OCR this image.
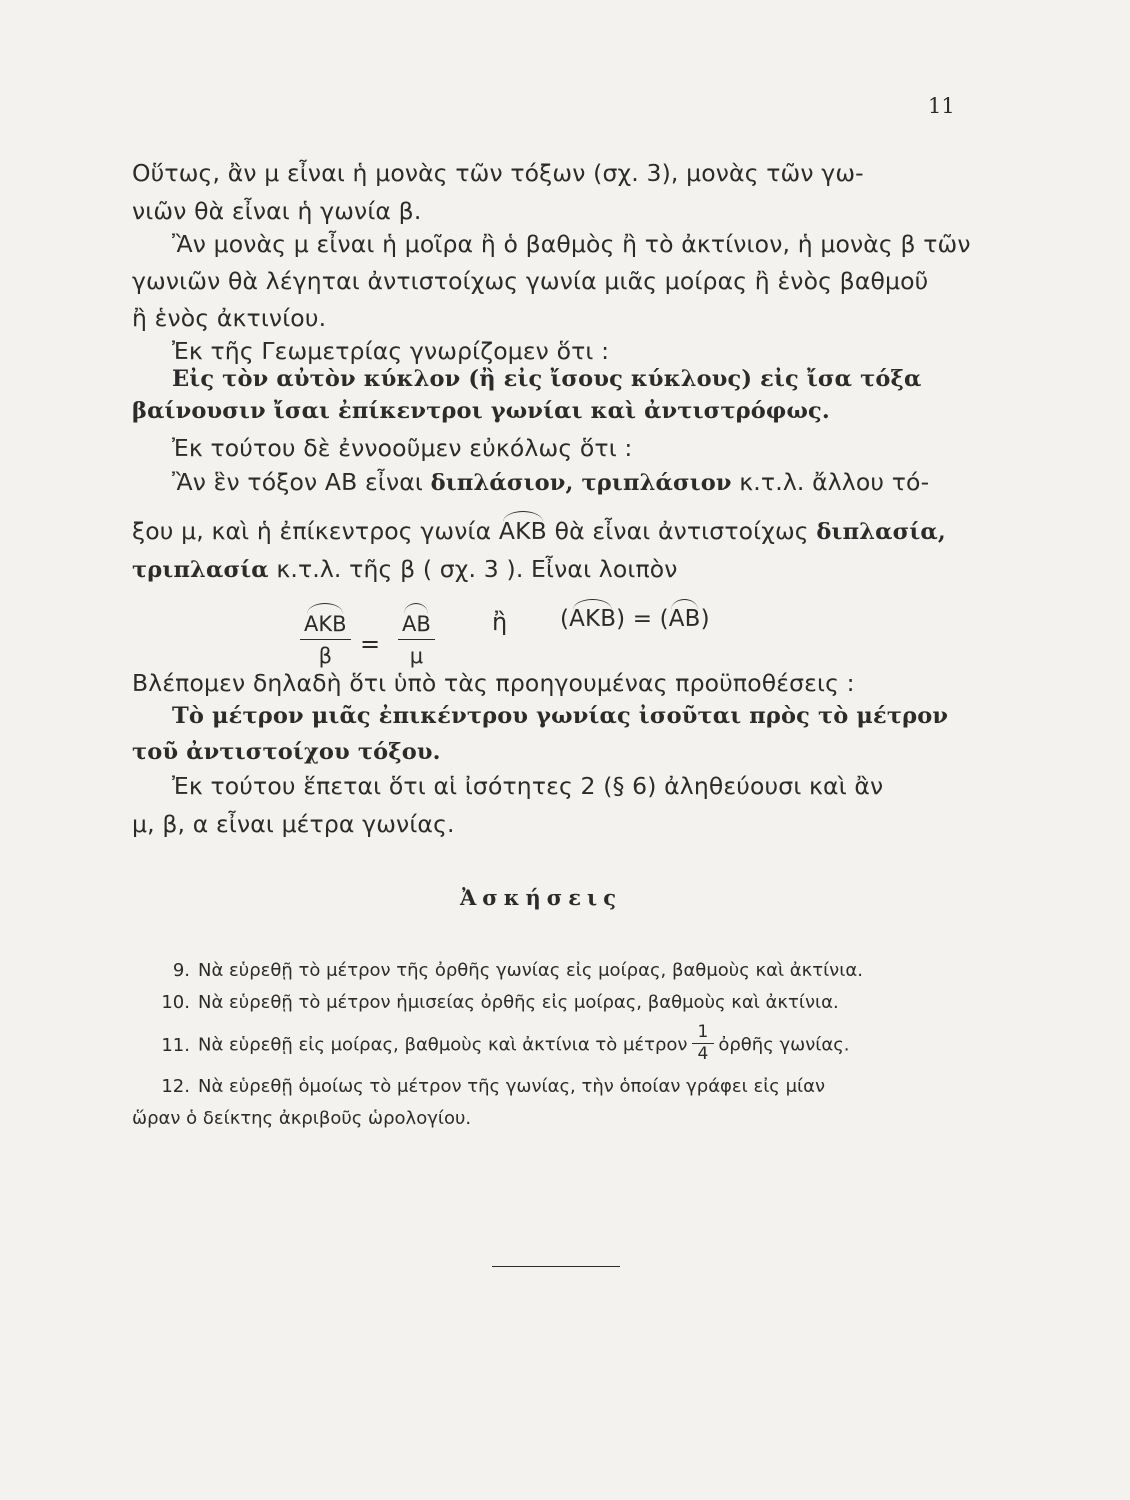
11
Οὕτως, ἂν μ εἶναι ἡ μονὰς τῶν τόξων (σχ. 3), μονὰς τῶν γω-
νιῶν θὰ εἶναι ἡ γωνία β.
Ἂν μονὰς μ εἶναι ἡ μοῖρα ἢ ὁ βαθμὸς ἢ τὸ ἀκτίνιον, ἡ μονὰς β τῶν
γωνιῶν θὰ λέγηται ἀντιστοίχως γωνία μιᾶς μοίρας ἢ ἑνὸς βαθμοῦ
ἢ ἑνὸς ἀκτινίου.
Ἐκ τῆς Γεωμετρίας γνωρίζομεν ὅτι :
Εἰς τὸν αὐτὸν κύκλον (ἢ εἰς ἴσους κύκλους) εἰς ἴσα τόξα
βαίνουσιν ἴσαι ἐπίκεντροι γωνίαι καὶ ἀντιστρόφως.
Ἐκ τούτου δὲ ἐννοοῦμεν εὐκόλως ὅτι :
Ἂν ἓν τόξον ΑΒ εἶναι διπλάσιον, τριπλάσιον κ.τ.λ. ἄλλου τό-
ξου μ, καὶ ἡ ἐπίκεντρος γωνία ΑΚΒ θὰ εἶναι ἀντιστοίχως διπλασία,
τριπλασία κ.τ.λ. τῆς β ( σχ. 3 ). Εἶναι λοιπὸν
ΑΚΒ
$\beta = \frac{AB}{\mu}$ ἢ (ΑΚΒ) = (ΑΒ)
Βλέπομεν δηλαδὴ ὅτι ὑπὸ τὰς προηγουμένας προϋποθέσεις :
Τὸ μέτρον μιᾶς ἐπικέντρου γωνίας ἰσοῦται πρὸς τὸ μέτρον
τοῦ ἀντιστοίχου τόξου.
Ἐκ τούτου ἕπεται ὅτι αἱ ἰσότητες 2 (§ 6) ἀληθεύουσι καὶ ἂν
μ, β, α εἶναι μέτρα γωνίας.
Ἀσκήσεις
9. Νὰ εὑρεθῇ τὸ μέτρον τῆς ὀρθῆς γωνίας εἰς μοίρας, βαθμοὺς καὶ ἀκτίνια.
10. Νὰ εὑρεθῇ τὸ μέτρον ἡμισείας ὀρθῆς εἰς μοίρας, βαθμοὺς καὶ ἀκτίνια.
11. Νὰ εὑρεθῇ εἰς μοίρας, βαθμοὺς καὶ ἀκτίνια τὸ μέτρον $\frac{1}{4}$ ὀρθῆς γωνίας.
12. Νὰ εὑρεθῇ ὁμοίως τὸ μέτρον τῆς γωνίας, τὴν ὁποίαν γράφει εἰς μίαν
ὥραν ὁ δείκτης ἀκριβοῦς ὡρολογίου.
